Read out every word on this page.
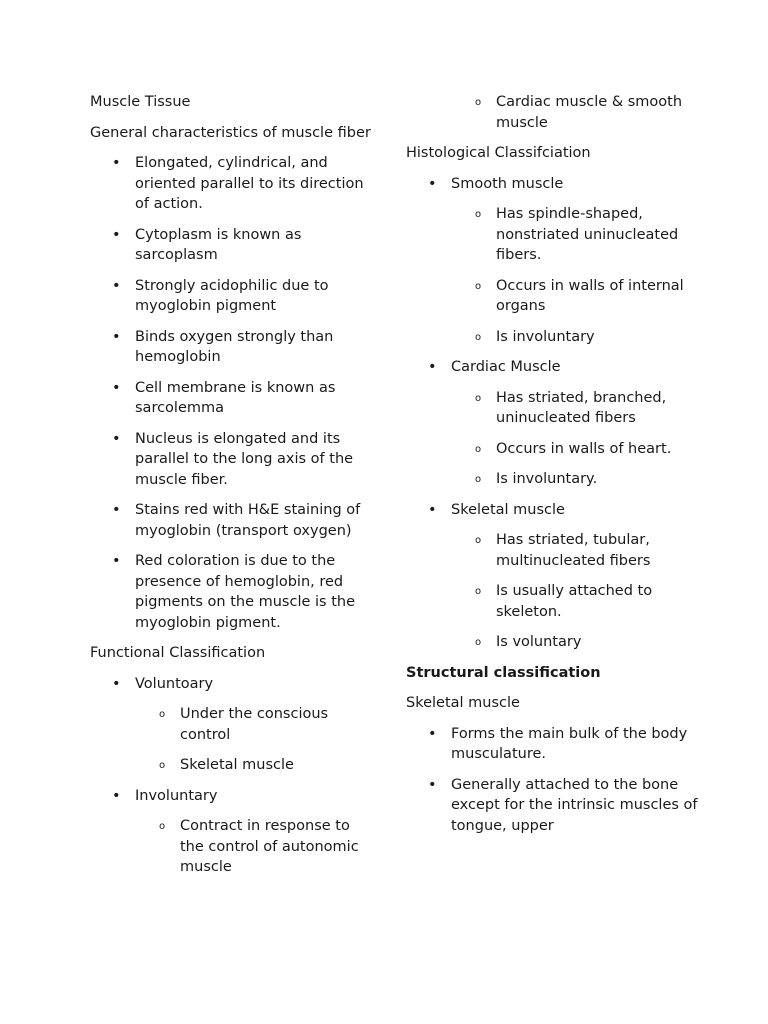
Muscle Tissue

General characteristics of muscle fiber

• Elongated, cylindrical, and oriented parallel to its direction of action.
• Cytoplasm is known as sarcoplasm
• Strongly acidophilic due to myoglobin pigment
• Binds oxygen strongly than hemoglobin
• Cell membrane is known as sarcolemma
• Nucleus is elongated and its parallel to the long axis of the muscle fiber.
• Stains red with H&E staining of myoglobin (transport oxygen)
• Red coloration is due to the presence of hemoglobin, red pigments on the muscle is the myoglobin pigment.

Functional Classification

• Voluntoary
o Under the conscious control
o Skeletal muscle
• Involuntary
o Contract in response to the control of autonomic muscle
o Cardiac muscle & smooth muscle

Histological Classifciation

• Smooth muscle
o Has spindle-shaped, nonstriated uninucleated fibers.
o Occurs in walls of internal organs
o Is involuntary
• Cardiac Muscle
o Has striated, branched, uninucleated fibers
o Occurs in walls of heart.
o Is involuntary.
• Skeletal muscle
o Has striated, tubular, multinucleated fibers
o Is usually attached to skeleton.
o Is voluntary

Structural classification

Skeletal muscle

• Forms the main bulk of the body musculature.
• Generally attached to the bone except for the intrinsic muscles of tongue, upper
